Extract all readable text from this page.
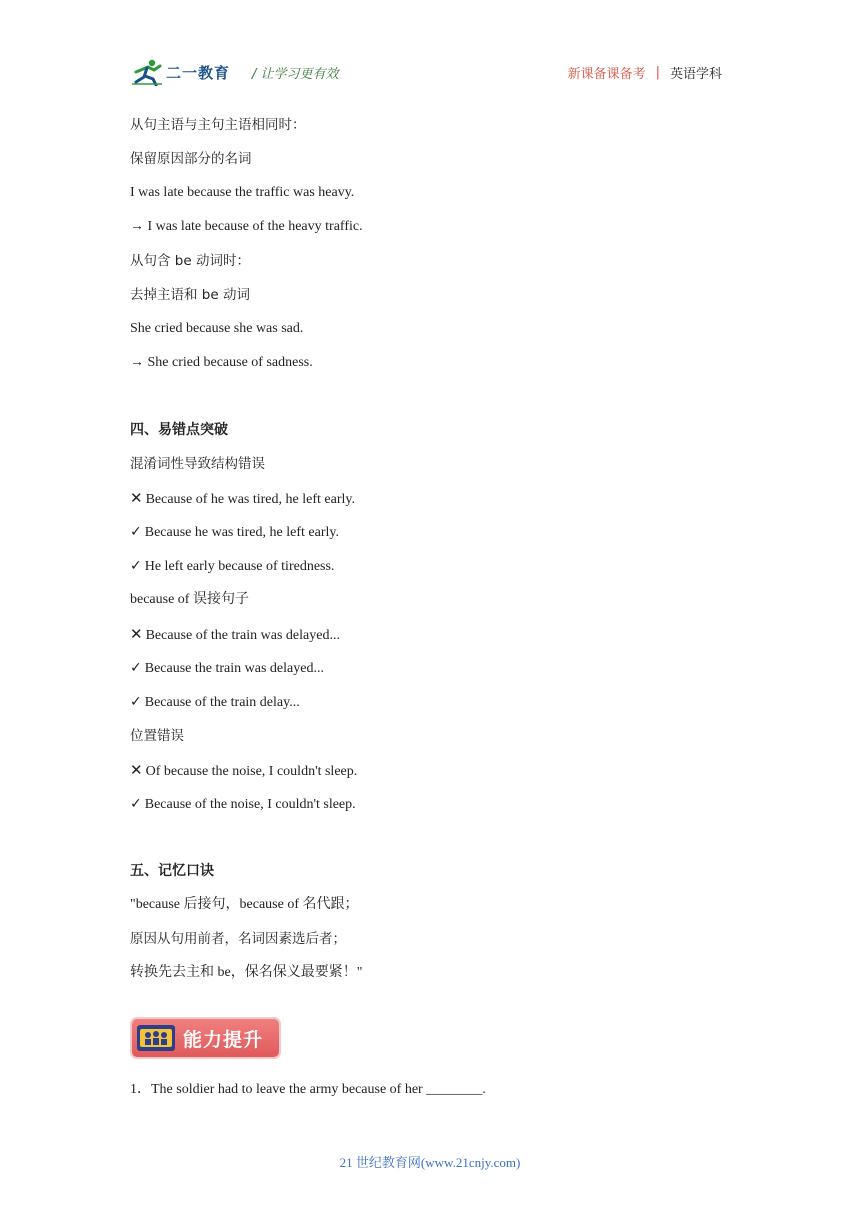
二一教育 / 让学习更有效	新课备课备考 | 英语学科
从句主语与主句主语相同时：
保留原因部分的名词
I was late because the traffic was heavy.
→ I was late because of the heavy traffic.
从句含 be 动词时：
去掉主语和 be 动词
She cried because she was sad.
→ She cried because of sadness.
四、易错点突破
混淆词性导致结构错误
✕ Because of he was tired, he left early.
✓ Because he was tired, he left early.
✓ He left early because of tiredness.
because of 误接句子
✕ Because of the train was delayed...
✓ Because the train was delayed...
✓ Because of the train delay...
位置错误
✕ Of because the noise, I couldn't sleep.
✓ Because of the noise, I couldn't sleep.
五、记忆口诀
"because 后接句，because of 名代跟；
原因从句用前者，名词因素选后者；
转换先去主和 be，保名保义最要紧！"
能力提升
1．The soldier had to leave the army because of her ________.
21 世纪教育网(www.21cnjy.com)
